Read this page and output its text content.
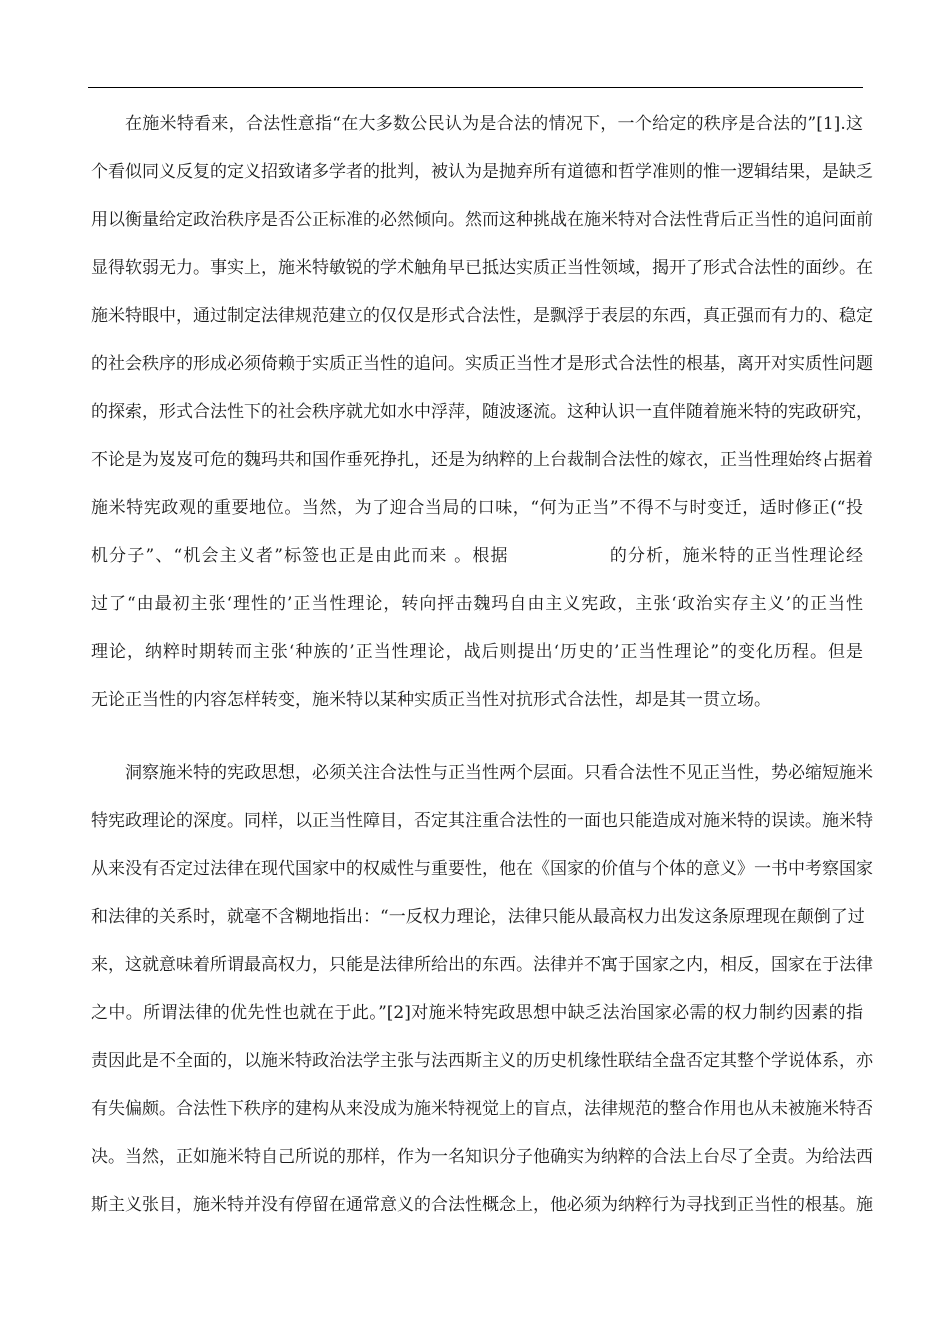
在施米特看来，合法性意指“在大多数公民认为是合法的情况下，一个给定的秩序是合法的”[1].这
个看似同义反复的定义招致诸多学者的批判，被认为是抛弃所有道德和哲学准则的惟一逻辑结果，是缺乏
用以衡量给定政治秩序是否公正标准的必然倾向。然而这种挑战在施米特对合法性背后正当性的追问面前
显得软弱无力。事实上，施米特敏锐的学术触角早已抵达实质正当性领域，揭开了形式合法性的面纱。在
施米特眼中，通过制定法律规范建立的仅仅是形式合法性，是飘浮于表层的东西，真正强而有力的、稳定
的社会秩序的形成必须倚赖于实质正当性的追问。实质正当性才是形式合法性的根基，离开对实质性问题
的探索，形式合法性下的社会秩序就尤如水中浮萍，随波逐流。这种认识一直伴随着施米特的宪政研究，
不论是为岌岌可危的魏玛共和国作垂死挣扎，还是为纳粹的上台裁制合法性的嫁衣，正当性理始终占据着
施米特宪政观的重要地位。当然，为了迎合当局的口味，“何为正当”不得不与时变迁，适时修正(“投
机分子”、“机会主义者”标签也正是由此而来 。根据	的分析，施米特的正当性理论经
过了“由最初主张‘理性的’正当性理论，转向抨击魏玛自由主义宪政，主张‘政治实存主义’的正当性
理论，纳粹时期转而主张‘种族的’正当性理论，战后则提出‘历史的’正当性理论”的变化历程。但是
无论正当性的内容怎样转变，施米特以某种实质正当性对抗形式合法性，却是其一贯立场。
洞察施米特的宪政思想，必须关注合法性与正当性两个层面。只看合法性不见正当性，势必缩短施米
特宪政理论的深度。同样，以正当性障目，否定其注重合法性的一面也只能造成对施米特的误读。施米特
从来没有否定过法律在现代国家中的权威性与重要性，他在《国家的价值与个体的意义》一书中考察国家
和法律的关系时，就毫不含糊地指出：“一反权力理论，法律只能从最高权力出发这条原理现在颠倒了过
来，这就意味着所谓最高权力，只能是法律所给出的东西。法律并不寓于国家之内，相反，国家在于法律
之中。所谓法律的优先性也就在于此。”[2]对施米特宪政思想中缺乏法治国家必需的权力制约因素的指
责因此是不全面的，以施米特政治法学主张与法西斯主义的历史机缘性联结全盘否定其整个学说体系，亦
有失偏颇。合法性下秩序的建构从来没成为施米特视觉上的盲点，法律规范的整合作用也从未被施米特否
决。当然，正如施米特自己所说的那样，作为一名知识分子他确实为纳粹的合法上台尽了全责。为给法西
斯主义张目，施米特并没有停留在通常意义的合法性概念上，他必须为纳粹行为寻找到正当性的根基。施
